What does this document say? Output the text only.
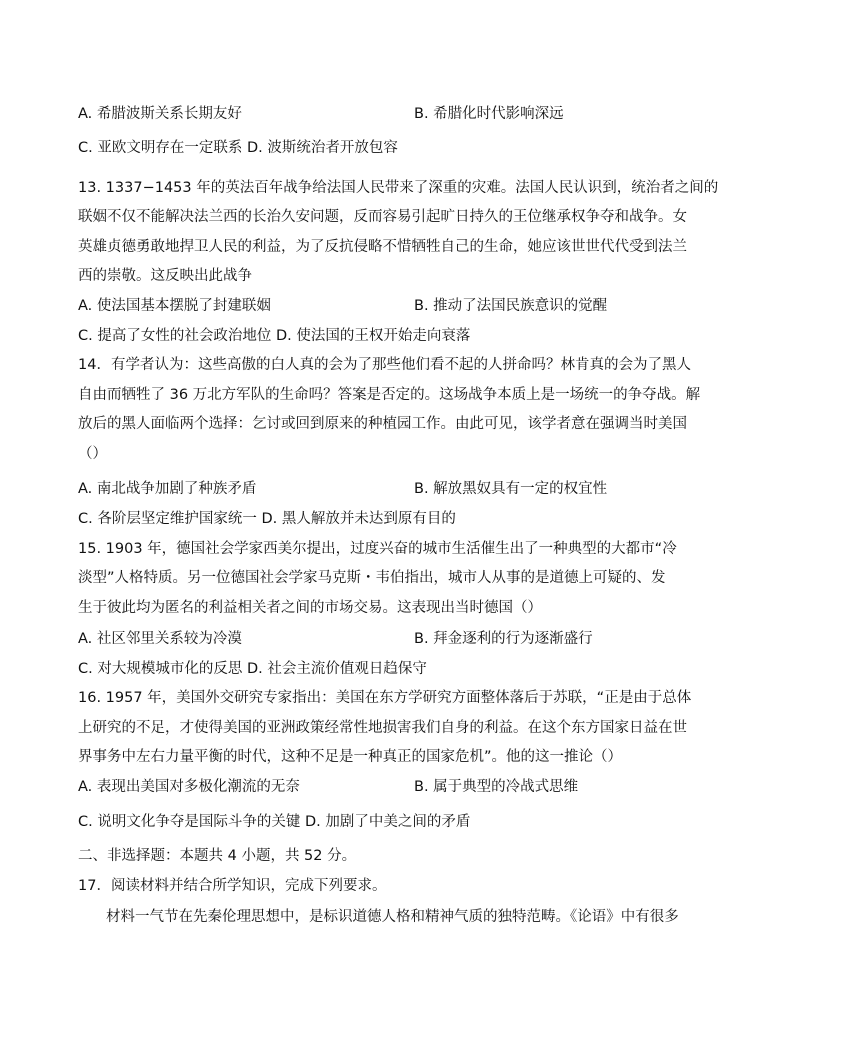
A. 希腊波斯关系长期友好	B. 希腊化时代影响深远
C. 亚欧文明存在一定联系 D. 波斯统治者开放包容
13. 1337−1453 年的英法百年战争给法国人民带来了深重的灾难。法国人民认识到，统治者之间的
联姻不仅不能解决法兰西的长治久安问题，反而容易引起旷日持久的王位继承权争夺和战争。女
英雄贞德勇敢地捍卫人民的利益，为了反抗侵略不惜牺牲自己的生命，她应该世世代代受到法兰
西的崇敬。这反映出此战争
A. 使法国基本摆脱了封建联姻	B. 推动了法国民族意识的觉醒
C. 提高了女性的社会政治地位 D. 使法国的王权开始走向衰落
14．有学者认为：这些高傲的白人真的会为了那些他们看不起的人拼命吗？林肯真的会为了黑人
自由而牺牲了 36 万北方军队的生命吗？答案是否定的。这场战争本质上是一场统一的争夺战。解
放后的黑人面临两个选择：乞讨或回到原来的种植园工作。由此可见，该学者意在强调当时美国
（）
A. 南北战争加剧了种族矛盾	B. 解放黑奴具有一定的权宜性
C. 各阶层坚定维护国家统一 D. 黑人解放并未达到原有目的
15. 1903 年，德国社会学家西美尔提出，过度兴奋的城市生活催生出了一种典型的大都市“冷
淡型”人格特质。另一位德国社会学家马克斯・韦伯指出，城市人从事的是道德上可疑的、发
生于彼此均为匿名的利益相关者之间的市场交易。这表现出当时德国（）
A. 社区邻里关系较为冷漠	B. 拜金逐利的行为逐渐盛行
C. 对大规模城市化的反思 D. 社会主流价值观日趋保守
16. 1957 年，美国外交研究专家指出：美国在东方学研究方面整体落后于苏联，“正是由于总体
上研究的不足，才使得美国的亚洲政策经常性地损害我们自身的利益。在这个东方国家日益在世
界事务中左右力量平衡的时代，这种不足是一种真正的国家危机”。他的这一推论（）
A. 表现出美国对多极化潮流的无奈	B. 属于典型的冷战式思维
C. 说明文化争夺是国际斗争的关键 D. 加剧了中美之间的矛盾
二、非选择题：本题共 4 小题，共 52 分。
17．阅读材料并结合所学知识，完成下列要求。
材料一气节在先秦伦理思想中，是标识道德人格和精神气质的独特范畴。《论语》中有很多
